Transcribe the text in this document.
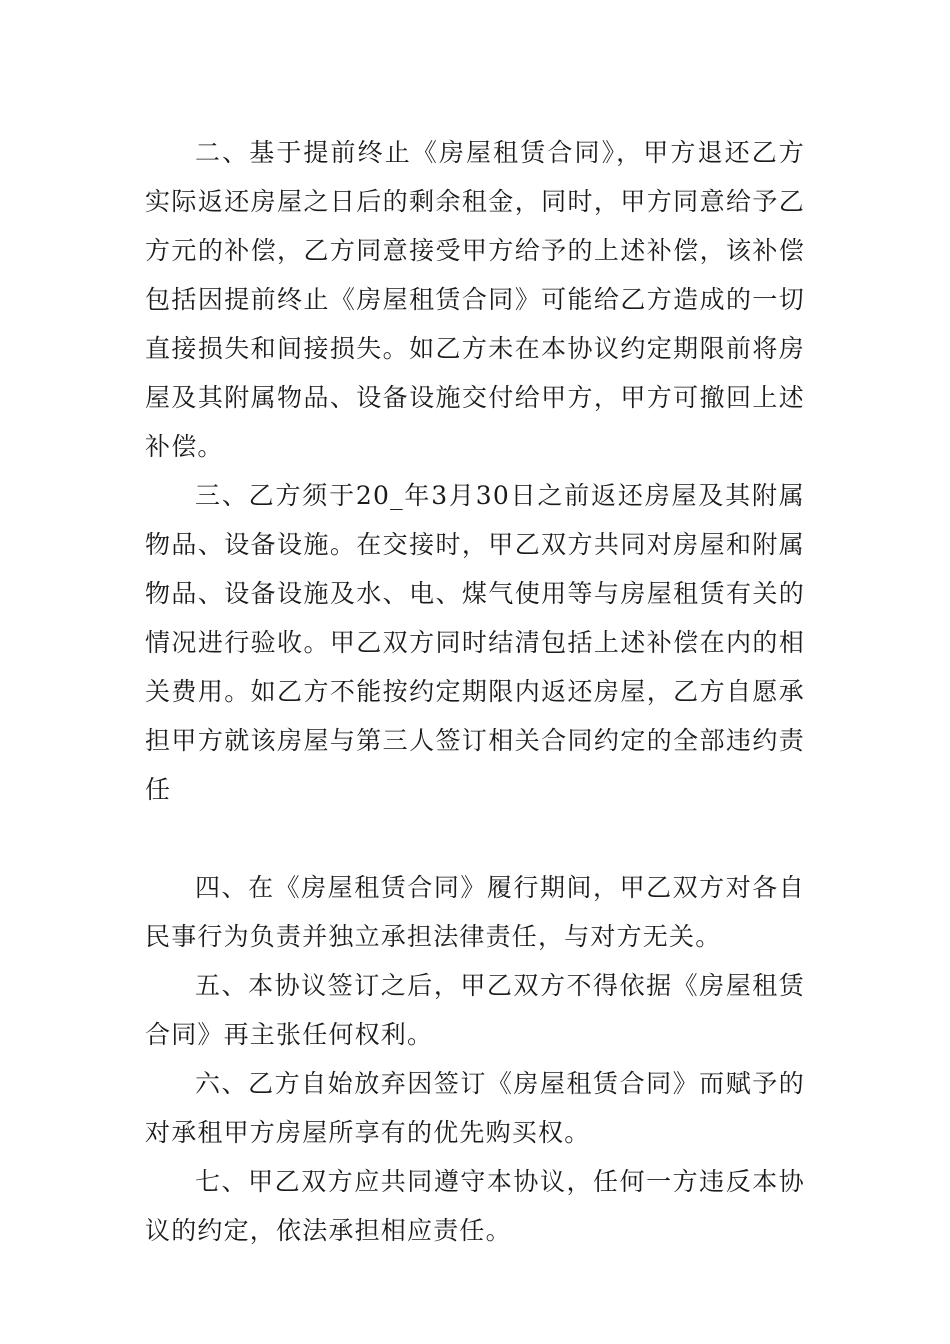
二、基于提前终止《房屋租赁合同》，甲方退还乙方实际返还房屋之日后的剩余租金，同时，甲方同意给予乙方元的补偿，乙方同意接受甲方给予的上述补偿，该补偿包括因提前终止《房屋租赁合同》可能给乙方造成的一切直接损失和间接损失。如乙方未在本协议约定期限前将房屋及其附属物品、设备设施交付给甲方，甲方可撤回上述补偿。

三、乙方须于20_年3月30日之前返还房屋及其附属物品、设备设施。在交接时，甲乙双方共同对房屋和附属物品、设备设施及水、电、煤气使用等与房屋租赁有关的情况进行验收。甲乙双方同时结清包括上述补偿在内的相关费用。如乙方不能按约定期限内返还房屋，乙方自愿承担甲方就该房屋与第三人签订相关合同约定的全部违约责任

四、在《房屋租赁合同》履行期间，甲乙双方对各自民事行为负责并独立承担法律责任，与对方无关。

五、本协议签订之后，甲乙双方不得依据《房屋租赁合同》再主张任何权利。

六、乙方自始放弃因签订《房屋租赁合同》而赋予的对承租甲方房屋所享有的优先购买权。

七、甲乙双方应共同遵守本协议，任何一方违反本协议的约定，依法承担相应责任。
